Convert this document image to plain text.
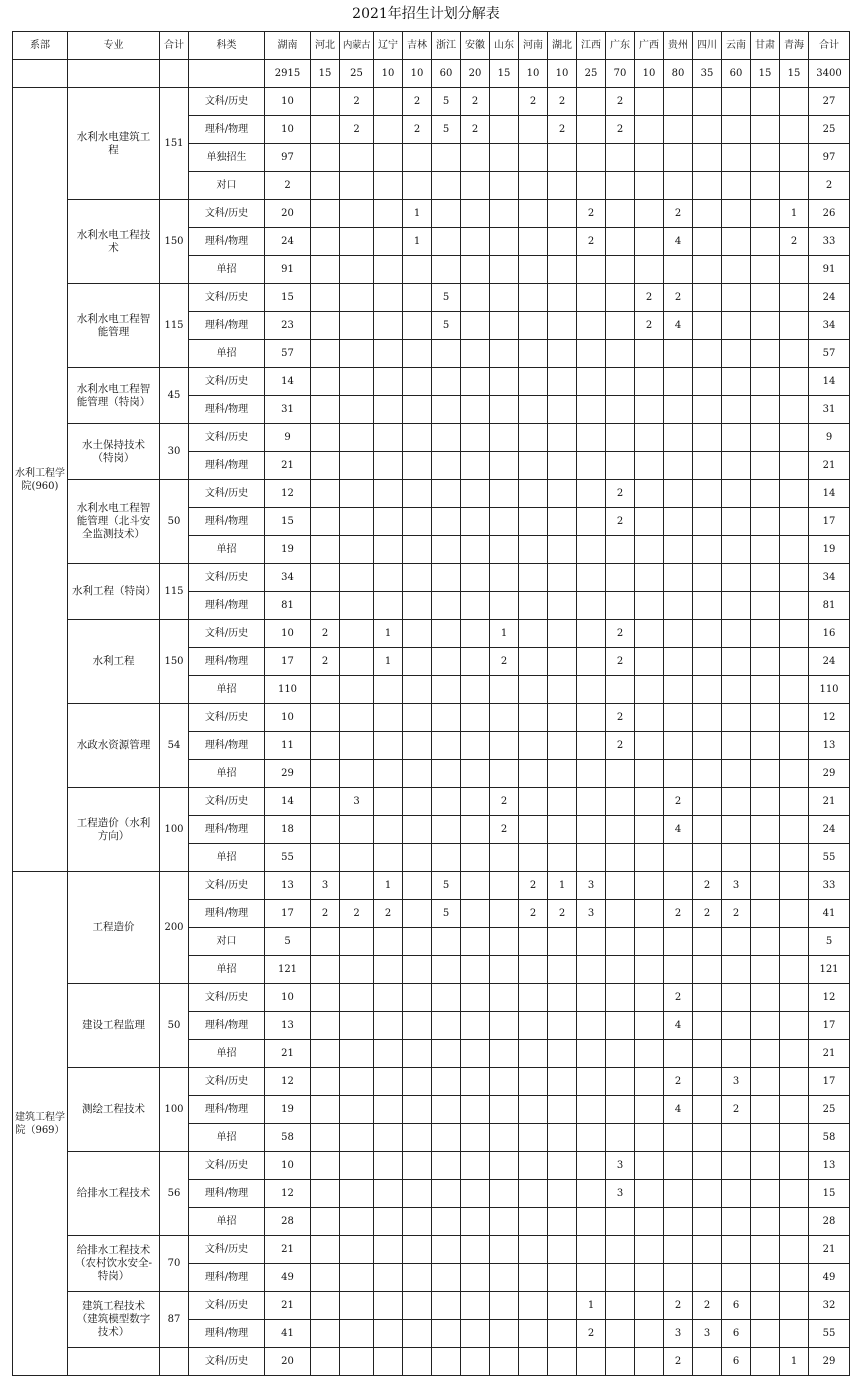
2021年招生计划分解表
系部	专业	合计	科类	湖南	河北	内蒙古	辽宁	吉林	浙江	安徽	山东	河南	湖北	江西	广东	广西	贵州	四川	云南	甘肃	青海	合计
				2915	15	25	10	10	60	20	15	10	10	25	70	10	80	35	60	15	15	3400
水利工程学院(960)	水利水电建筑工程	151	文科/历史	10		2		2	5	2		2	2		2							27
			理科/物理	10		2		2	5	2			2		2							25
			单独招生	97																		97
			对口	2																		2
	水利水电工程技术	150	文科/历史	20				1						2			2				1	26
			理科/物理	24				1						2			4				2	33
			单招	91																		91
	水利水电工程智能管理	115	文科/历史	15					5							2	2					24
			理科/物理	23					5							2	4					34
			单招	57																		57
	水利水电工程智能管理（特岗）	45	文科/历史	14																		14
			理科/物理	31																		31
	水土保持技术（特岗）	30	文科/历史	9																		9
			理科/物理	21																		21
	水利水电工程智能管理（北斗安全监测技术）	50	文科/历史	12											2							14
			理科/物理	15											2							17
			单招	19																		19
	水利工程（特岗）	115	文科/历史	34																		34
			理科/物理	81																		81
	水利工程	150	文科/历史	10	2		1				1				2							16
			理科/物理	17	2		1				2				2							24
			单招	110																		110
	水政水资源管理	54	文科/历史	10											2							12
			理科/物理	11											2							13
			单招	29																		29
	工程造价（水利方向）	100	文科/历史	14		3					2						2					21
			理科/物理	18							2						4					24
			单招	55																		55
建筑工程学院（969）	工程造价	200	文科/历史	13	3		1		5			2	1	3				2	3			33
			理科/物理	17	2	2	2		5			2	2	3			2	2	2			41
			对口	5																		5
			单招	121																		121
	建设工程监理	50	文科/历史	10													2					12
			理科/物理	13													4					17
			单招	21																		21
	测绘工程技术	100	文科/历史	12													2		3			17
			理科/物理	19													4		2			25
			单招	58																		58
	给排水工程技术	56	文科/历史	10											3							13
			理科/物理	12											3							15
			单招	28																		28
	给排水工程技术（农村饮水安全-特岗）	70	文科/历史	21																		21
			理科/物理	49																		49
	建筑工程技术（建筑模型数字技术）	87	文科/历史	21										1			2	2	6			32
			理科/物理	41										2			3	3	6			55
			文科/历史	20													2		6		1	29
